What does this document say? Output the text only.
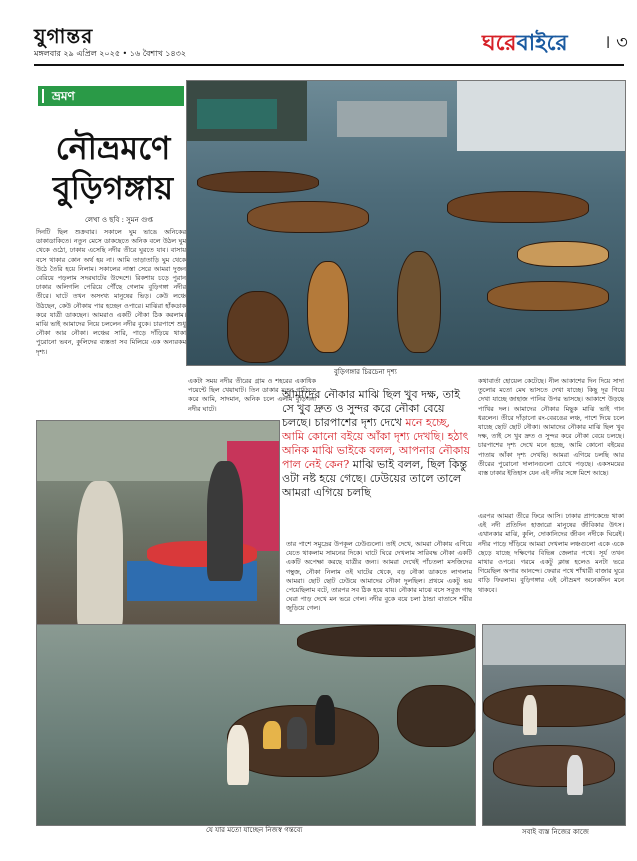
যুগান্তর
মঙ্গলবার ২৯ এপ্রিল ২০২৫ • ১৬ বৈশাখ ১৪৩২	ঘরেবাইরে । ৩
ভ্রমণ
নৌভ্রমণে
বুড়িগঙ্গায়
লেখা ও ছবি : সুমন গুপ্ত
দিনটি ছিল শুক্রবার। সকালে ঘুম ভাঙে অনিকের ডাকাডাকিতে। নতুন মেসে ডাকছেতে অনিক বলে উঠল ঘুম থেকে ওঠো, ঢাকায় এসেছি নদীর তীরে ঘুরতে যাব। বাসায় বসে থাকার কোন অর্থ হয় না। আমি তাড়াতাড়ি ঘুম থেকে উঠে তৈরি হয়ে নিলাম। সকালের নাস্তা সেরে আমরা দুজন বেরিয়ে পড়লাম সদরঘাটের উদ্দেশে। রিকশায় চড়ে পুরান ঢাকার অলিগলি পেরিয়ে পৌঁছে গেলাম বুড়িগঙ্গা নদীর তীরে। ঘাটে তখন অসংখ্য মানুষের ভিড়। কেউ লঞ্চে উঠছেন, কেউ নৌকায় পার হচ্ছেন ওপারে। মাঝিরা হাঁকডাক করে যাত্রী ডাকছেন। আমরাও একটি নৌকা ঠিক করলাম। মাঝি ভাই আমাদের নিয়ে চললেন নদীর বুকে। চারপাশে শুধু নৌকা আর নৌকা। লঞ্চের সারি, পাড়ে দাঁড়িয়ে থাকা পুরোনো ভবন, কুলিদের ব্যস্ততা সব মিলিয়ে এক অন্যরকম দৃশ্য।
বুড়িগঙ্গার চিরচেনা দৃশ্য
একটা সময় নদীর তীরের গ্রাম ও শহরের একাধিক পয়েন্টে ছিল খেয়াঘাট। তিন ডাকার মতন গাড়িতে করে আমি, সাদমান, অনিক চলে এলাম বুড়িগঙ্গা নদীর ঘাটে।
আমাদের নৌকার মাঝি ছিল খুব দক্ষ, তাই সে খুব দ্রুত ও সুন্দর করে নৌকা বেয়ে চলছে। চারপাশের দৃশ্য দেখে মনে হচ্ছে, আমি কোনো বইয়ে আঁকা দৃশ্য দেখছি। হঠাৎ অনিক মাঝি ভাইকে বলল, আপনার নৌকায় পাল নেই কেন? মাঝি ভাই বলল, ছিল কিন্তু ওটা নষ্ট হয়ে গেছে। ঢেউয়ের তালে তালে আমরা এগিয়ে চলছি
তার পাশে সমুদ্রের উপকূল ঢেউগুলো। তাই দেখে, আমরা নৌকায় এগিয়ে যেতে থাকলাম সামনের দিকে। ঘাটে ঘিরে দেখলাম সারিবদ্ধ নৌকা একটি একটি অপেক্ষা করছে যাত্রীর জন্য। আমরা দেখেই পাঁচতলা মসজিদের গম্বুজ, নৌকা নিলাম ওই ঘাটের থেকে, বড় নৌকা ডাকতে লাগলাম আমরা। ছোট ছোট ঢেউয়ে আমাদের নৌকা দুলছিল। প্রথমে একটু ভয় পেয়েছিলাম বটে, তারপর সব ঠিক হয়ে যায়। নৌকার মাঝে বসে সবুজ গাছ ঘেরা পাড় দেখে মন ভরে গেল। নদীর বুকে বয়ে চলা ঠান্ডা বাতাসে শরীর জুড়িয়ে গেল।
কথাবার্তা হোয়েল কেটেছে। নীল আকাশের দিন দিয়ে সাদা তুলোর মতো মেঘ ভাসতে দেখা যাচ্ছে। কিছু দূর গিয়ে দেখা যাচ্ছে জাহাজ পানির উপর ভাসছে। আকাশে উড়ছে পাখির দল। আমাদের নৌকার মিছুক মাঝি ভাই গান ধরলেন। তীরে দাঁড়ানো রং-বেরঙের লঞ্চ, পাশে দিয়ে চলে যাচ্ছে ছোট ছোট নৌকা। আমাদের নৌকার মাঝি ছিল খুব দক্ষ, তাই সে খুব দ্রুত ও সুন্দর করে নৌকা বেয়ে চলছে। চারপাশের দৃশ্য দেখে মনে হচ্ছে, আমি কোনো বইয়ের পাতায় আঁকা দৃশ্য দেখছি। আমরা এগিয়ে চলছি আর তীরের পুরোনো দালানগুলো চোখে পড়ছে। একসময়ের ব্যস্ত ঢাকার ইতিহাস যেন এই নদীর সঙ্গে মিশে আছে।
এরপর আমরা তীরে ফিরে আসি। ঢাকার প্রাণকেন্দ্রে থাকা এই নদী প্রতিদিন হাজারো মানুষের জীবিকার উৎস। এখানকার মাঝি, কুলি, দোকানিদের জীবন নদীকে ঘিরেই। নদীর পাড়ে দাঁড়িয়ে আমরা দেখলাম লঞ্চগুলো একে একে ছেড়ে যাচ্ছে দক্ষিণের বিভিন্ন জেলার পথে। সূর্য তখন মাথার ওপরে। গরমে একটু ক্লান্ত হলেও মনটা ভরে গিয়েছিল অপার আনন্দে। ফেরার পথে শাঁখারী বাজার ঘুরে বাড়ি ফিরলাম। বুড়িগঙ্গার এই নৌভ্রমণ অনেকদিন মনে থাকবে।
যে যার মতো যাচ্ছেন নিজস্ব গন্তব্যে	সবাই ব্যস্ত নিজের কাজে
